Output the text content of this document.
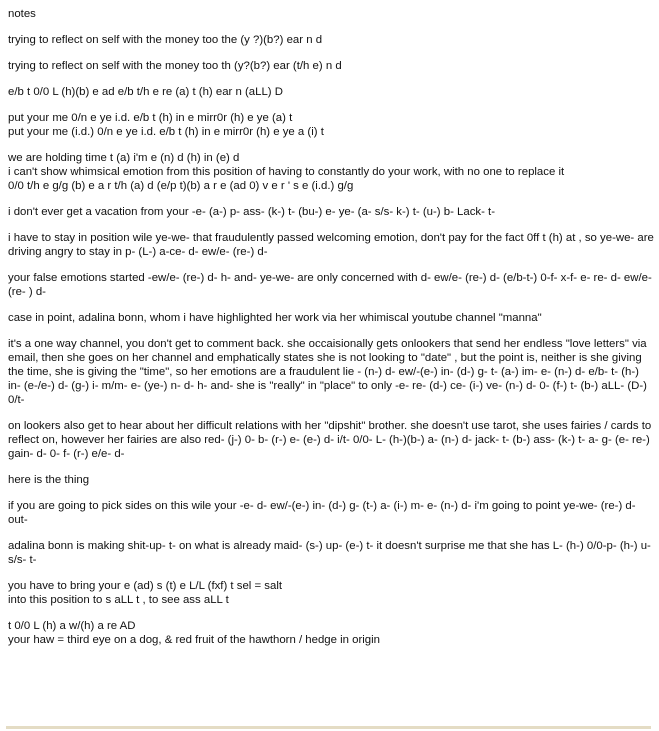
notes
trying to reflect on self with the money too the (y ?)(b?) ear n d
trying to reflect on self with the money too th (y?(b?) ear (t/h e) n d
e/b t 0/0 L (h)(b) e ad e/b t/h e re (a) t (h) ear n (aLL) D
put your me 0/n e ye i.d. e/b t (h) in e mirr0r (h) e ye (a) t
put your me (i.d.) 0/n e ye i.d. e/b t (h) in e mirr0r (h) e ye a (i) t
we are holding time t (a) i'm e (n) d (h) in (e) d
i can't show whimsical emotion from this position of having to constantly do your work, with no one to replace it
0/0 t/h e g/g (b) e a r t/h (a) d (e/p t)(b) a r e (ad 0) v e r ' s e (i.d.) g/g
i don't ever get a vacation from your -e- (a-) p- ass- (k-) t- (bu-) e- ye- (a- s/s- k-) t- (u-) b- Lack- t-
i have to stay in position wile ye-we- that fraudulently passed welcoming emotion, don't pay for the fact 0ff t (h) at , so ye-we- are driving angry to stay in p- (L-) a-ce- d- ew/e- (re-) d-
your false emotions started -ew/e- (re-) d- h- and- ye-we- are only concerned with d- ew/e- (re-) d- (e/b-t-) 0-f- x-f- e- re- d- ew/e- (re- ) d-
case in point, adalina bonn, whom i have highlighted her work via her whimiscal youtube channel "manna"
it's a one way channel, you don't get to comment back. she occaisionally gets onlookers that send her endless "love letters" via email, then she goes on her channel and emphatically states she is not looking to "date" , but the point is, neither is she giving the time, she is giving the "time", so her emotions are a fraudulent lie - (n-) d- ew/-(e-) in- (d-) g- t- (a-) im- e- (n-) d- e/b- t- (h-) in- (e-/e-) d- (g-) i- m/m- e- (ye-) n- d- h- and- she is "really" in "place" to only -e- re- (d-) ce- (i-) ve- (n-) d- 0- (f-) t- (b-) aLL- (D-) 0/t-
on lookers also get to hear about her difficult relations with her "dipshit" brother. she doesn't use tarot, she uses fairies / cards to reflect on, however her fairies are also red- (j-) 0- b- (r-) e- (e-) d- i/t- 0/0- L- (h-)(b-) a- (n-) d- jack- t- (b-) ass- (k-) t- a- g- (e- re-) gain- d- 0- f- (r-) e/e- d-
here is the thing
if you are going to pick sides on this wile your -e- d- ew/-(e-) in- (d-) g- (t-) a- (i-) m- e- (n-) d- i'm going to point ye-we- (re-) d- out-
adalina bonn is making shit-up- t- on what is already maid- (s-) up- (e-) t- it doesn't surprise me that she has L- (h-) 0/0-p- (h-) u- s/s- t-
you have to bring your e (ad) s (t) e L/L (fxf) t sel = salt
into this position to s aLL t , to see ass aLL t
t 0/0 L (h) a w/(h) a re AD
your haw = third eye on a dog, & red fruit of the hawthorn / hedge in origin
